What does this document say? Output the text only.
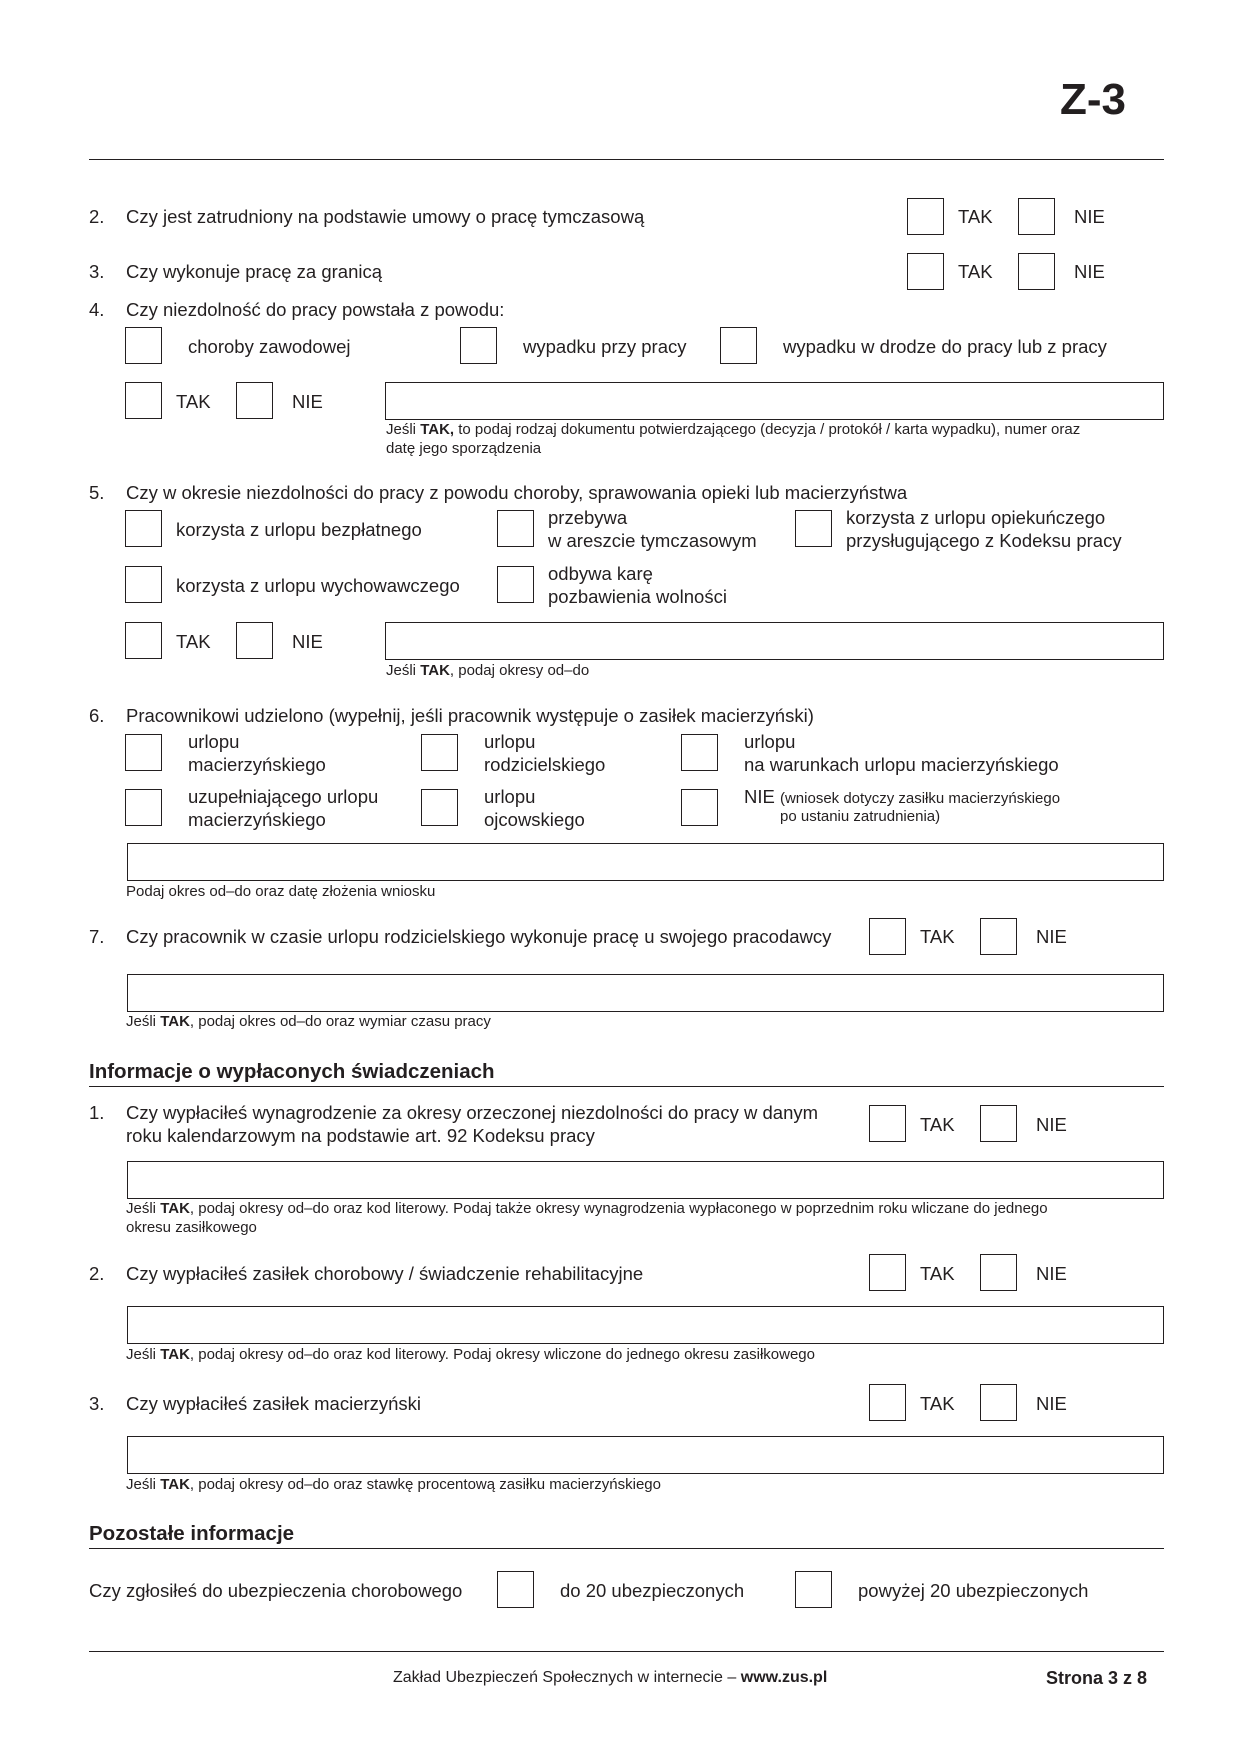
Z-3
2. Czy jest zatrudniony na podstawie umowy o pracę tymczasową	TAK	NIE
3. Czy wykonuje pracę za granicą	TAK	NIE
4. Czy niezdolność do pracy powstała z powodu:
choroby zawodowej	wypadku przy pracy	wypadku w drodze do pracy lub z pracy
TAK	NIE
Jeśli TAK, to podaj rodzaj dokumentu potwierdzającego (decyzja / protokół / karta wypadku), numer oraz
datę jego sporządzenia
5. Czy w okresie niezdolności do pracy z powodu choroby, sprawowania opieki lub macierzyństwa
korzysta z urlopu bezpłatnego
przebywa
w areszcie tymczasowym
korzysta z urlopu opiekuńczego
przysługującego z Kodeksu pracy
korzysta z urlopu wychowawczego
odbywa karę
pozbawienia wolności
TAK	NIE
Jeśli TAK, podaj okresy od–do
6. Pracownikowi udzielono (wypełnij, jeśli pracownik występuje o zasiłek macierzyński)
urlopu
macierzyńskiego
urlopu
rodzicielskiego
urlopu
na warunkach urlopu macierzyńskiego
uzupełniającego urlopu
macierzyńskiego
urlopu
ojcowskiego
NIE (wniosek dotyczy zasiłku macierzyńskiego
po ustaniu zatrudnienia)
Podaj okres od–do oraz datę złożenia wniosku
7. Czy pracownik w czasie urlopu rodzicielskiego wykonuje pracę u swojego pracodawcy	TAK	NIE
Jeśli TAK, podaj okres od–do oraz wymiar czasu pracy
Informacje o wypłaconych świadczeniach
1. Czy wypłaciłeś wynagrodzenie za okresy orzeczonej niezdolności do pracy w danym
roku kalendarzowym na podstawie art. 92 Kodeksu pracy
TAK	NIE
Jeśli TAK, podaj okresy od–do oraz kod literowy. Podaj także okresy wynagrodzenia wypłaconego w poprzednim roku wliczane do jednego
okresu zasiłkowego
2. Czy wypłaciłeś zasiłek chorobowy / świadczenie rehabilitacyjne	TAK	NIE
Jeśli TAK, podaj okresy od–do oraz kod literowy. Podaj okresy wliczone do jednego okresu zasiłkowego
3. Czy wypłaciłeś zasiłek macierzyński	TAK	NIE
Jeśli TAK, podaj okresy od–do oraz stawkę procentową zasiłku macierzyńskiego
Pozostałe informacje
Czy zgłosiłeś do ubezpieczenia chorobowego	do 20 ubezpieczonych	powyżej 20 ubezpieczonych
Zakład Ubezpieczeń Społecznych w internecie – www.zus.pl	Strona 3 z 8
